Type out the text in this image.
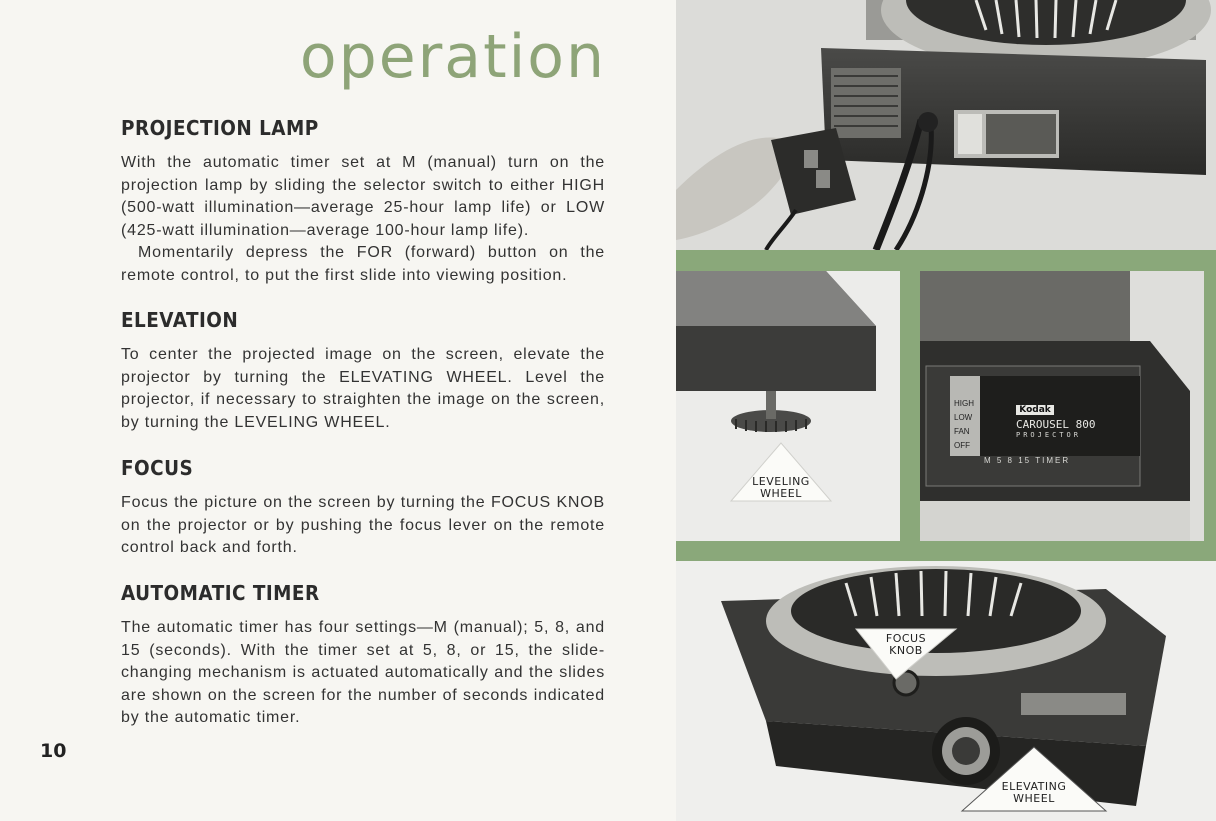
operation
PROJECTION LAMP

With the automatic timer set at M (manual) turn on the projection lamp by sliding the selector switch to either HIGH (500-watt illumination—average 25-hour lamp life) or LOW (425-watt illumination—average 100-hour lamp life).

Momentarily depress the FOR (forward) button on the remote control, to put the first slide into viewing position.

ELEVATION

To center the projected image on the screen, elevate the projector by turning the ELEVATING WHEEL. Level the projector, if necessary to straighten the image on the screen, by turning the LEVELING WHEEL.

FOCUS

Focus the picture on the screen by turning the FOCUS KNOB on the projector or by pushing the focus lever on the remote control back and forth.

AUTOMATIC TIMER

The automatic timer has four settings—M (manual); 5, 8, and 15 (seconds). With the timer set at 5, 8, or 15, the slide-changing mechanism is actuated automatically and the slides are shown on the screen for the number of seconds indicated by the automatic timer.

10
LEVELING
WHEEL
Kodak
CAROUSEL 800
PROJECTOR
HIGH
LOW
FAN
OFF
M 5 8 15 TIMER
FOCUS
KNOB
ELEVATING
WHEEL
